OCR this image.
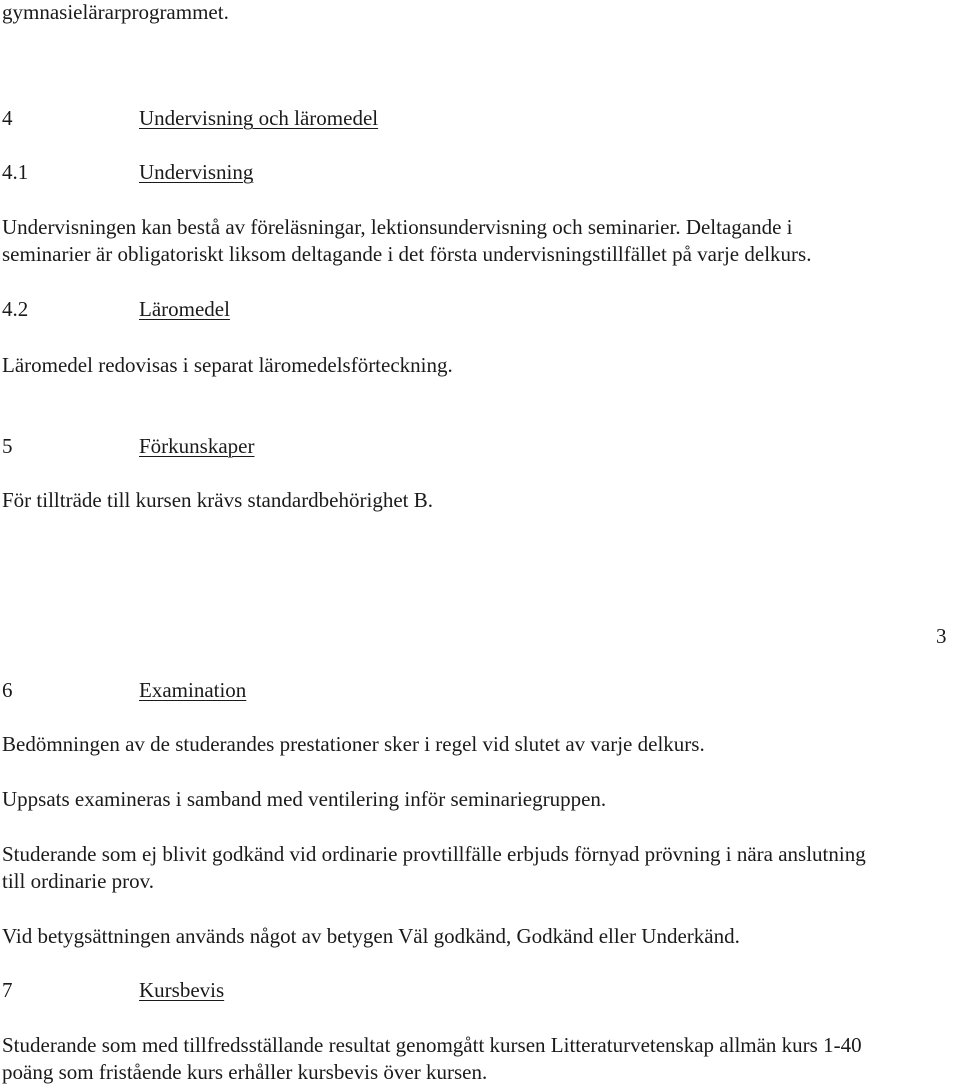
gymnasielärarprogrammet.
4	Undervisning och läromedel
4.1	Undervisning
Undervisningen kan bestå av föreläsningar, lektionsundervisning och seminarier. Deltagande i
seminarier är obligatoriskt liksom deltagande i det första undervisningstillfället på varje delkurs.
4.2	Läromedel
Läromedel redovisas i separat läromedelsförteckning.
5	Förkunskaper
För tillträde till kursen krävs standardbehörighet B.
3
6	Examination
Bedömningen av de studerandes prestationer sker i regel vid slutet av varje delkurs.
Uppsats examineras i samband med ventilering inför seminariegruppen.
Studerande som ej blivit godkänd vid ordinarie provtillfälle erbjuds förnyad prövning i nära anslutning
till ordinarie prov.
Vid betygsättningen används något av betygen Väl godkänd, Godkänd eller Underkänd.
7	Kursbevis
Studerande som med tillfredsställande resultat genomgått kursen Litteraturvetenskap allmän kurs 1-40
poäng som fristående kurs erhåller kursbevis över kursen.
